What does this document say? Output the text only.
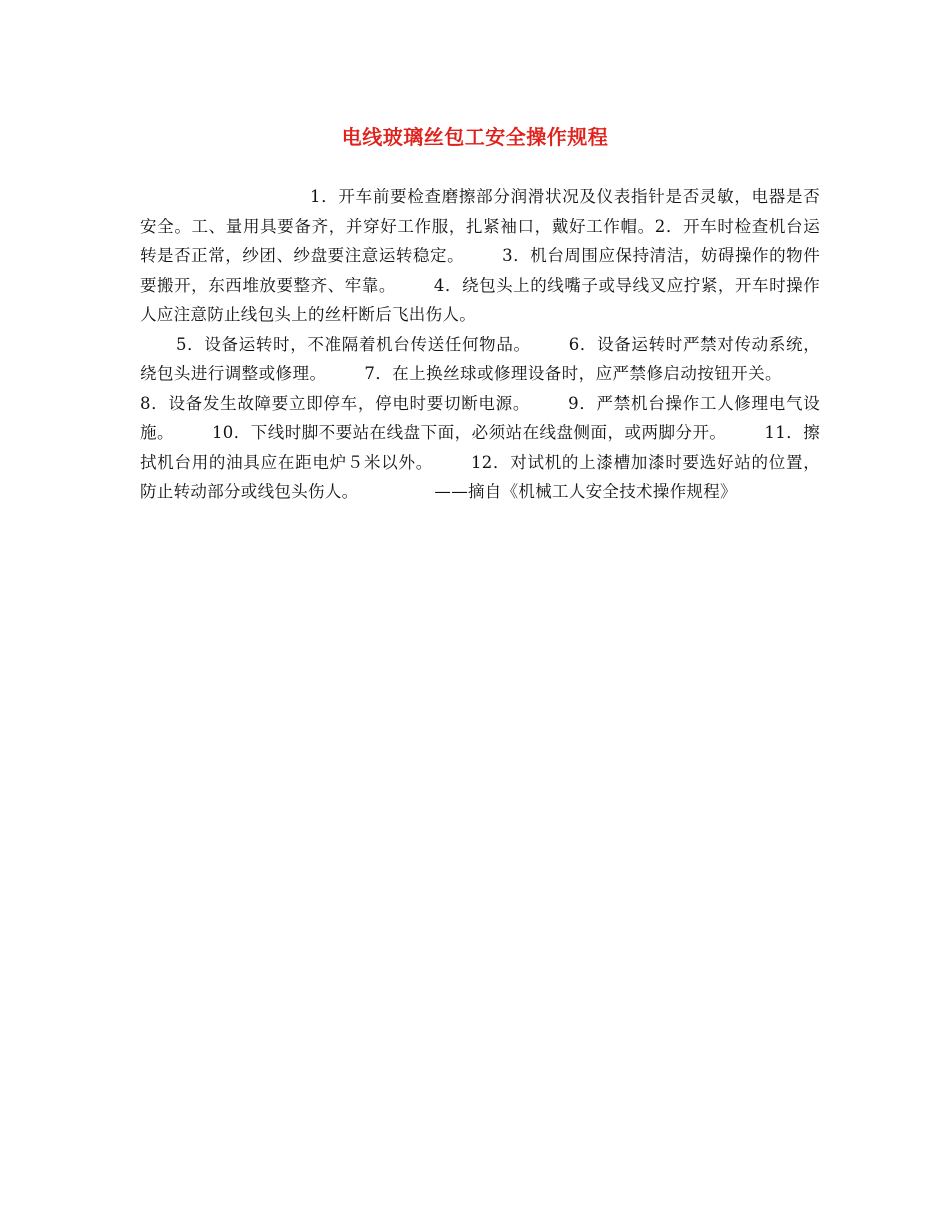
电线玻璃丝包工安全操作规程

1．开车前要检查磨擦部分润滑状况及仪表指针是否灵敏，电器是否安全。工、量用具要备齐，并穿好工作服，扎紧袖口，戴好工作帽。2．开车时检查机台运转是否正常，纱团、纱盘要注意运转稳定。 3．机台周围应保持清洁，妨碍操作的物件要搬开，东西堆放要整齐、牢靠。 4．绕包头上的线嘴子或导线叉应拧紧，开车时操作人应注意防止线包头上的丝杆断后飞出伤人。

5．设备运转时，不准隔着机台传送任何物品。 6．设备运转时严禁对传动系统，绕包头进行调整或修理。 7．在上换丝球或修理设备时，应严禁修启动按钮开关。8．设备发生故障要立即停车，停电时要切断电源。 9．严禁机台操作工人修理电气设施。 10．下线时脚不要站在线盘下面，必须站在线盘侧面，或两脚分开。 11．擦拭机台用的油具应在距电炉５米以外。 12．对试机的上漆槽加漆时要选好站的位置，防止转动部分或线包头伤人。	——摘自《机械工人安全技术操作规程》
